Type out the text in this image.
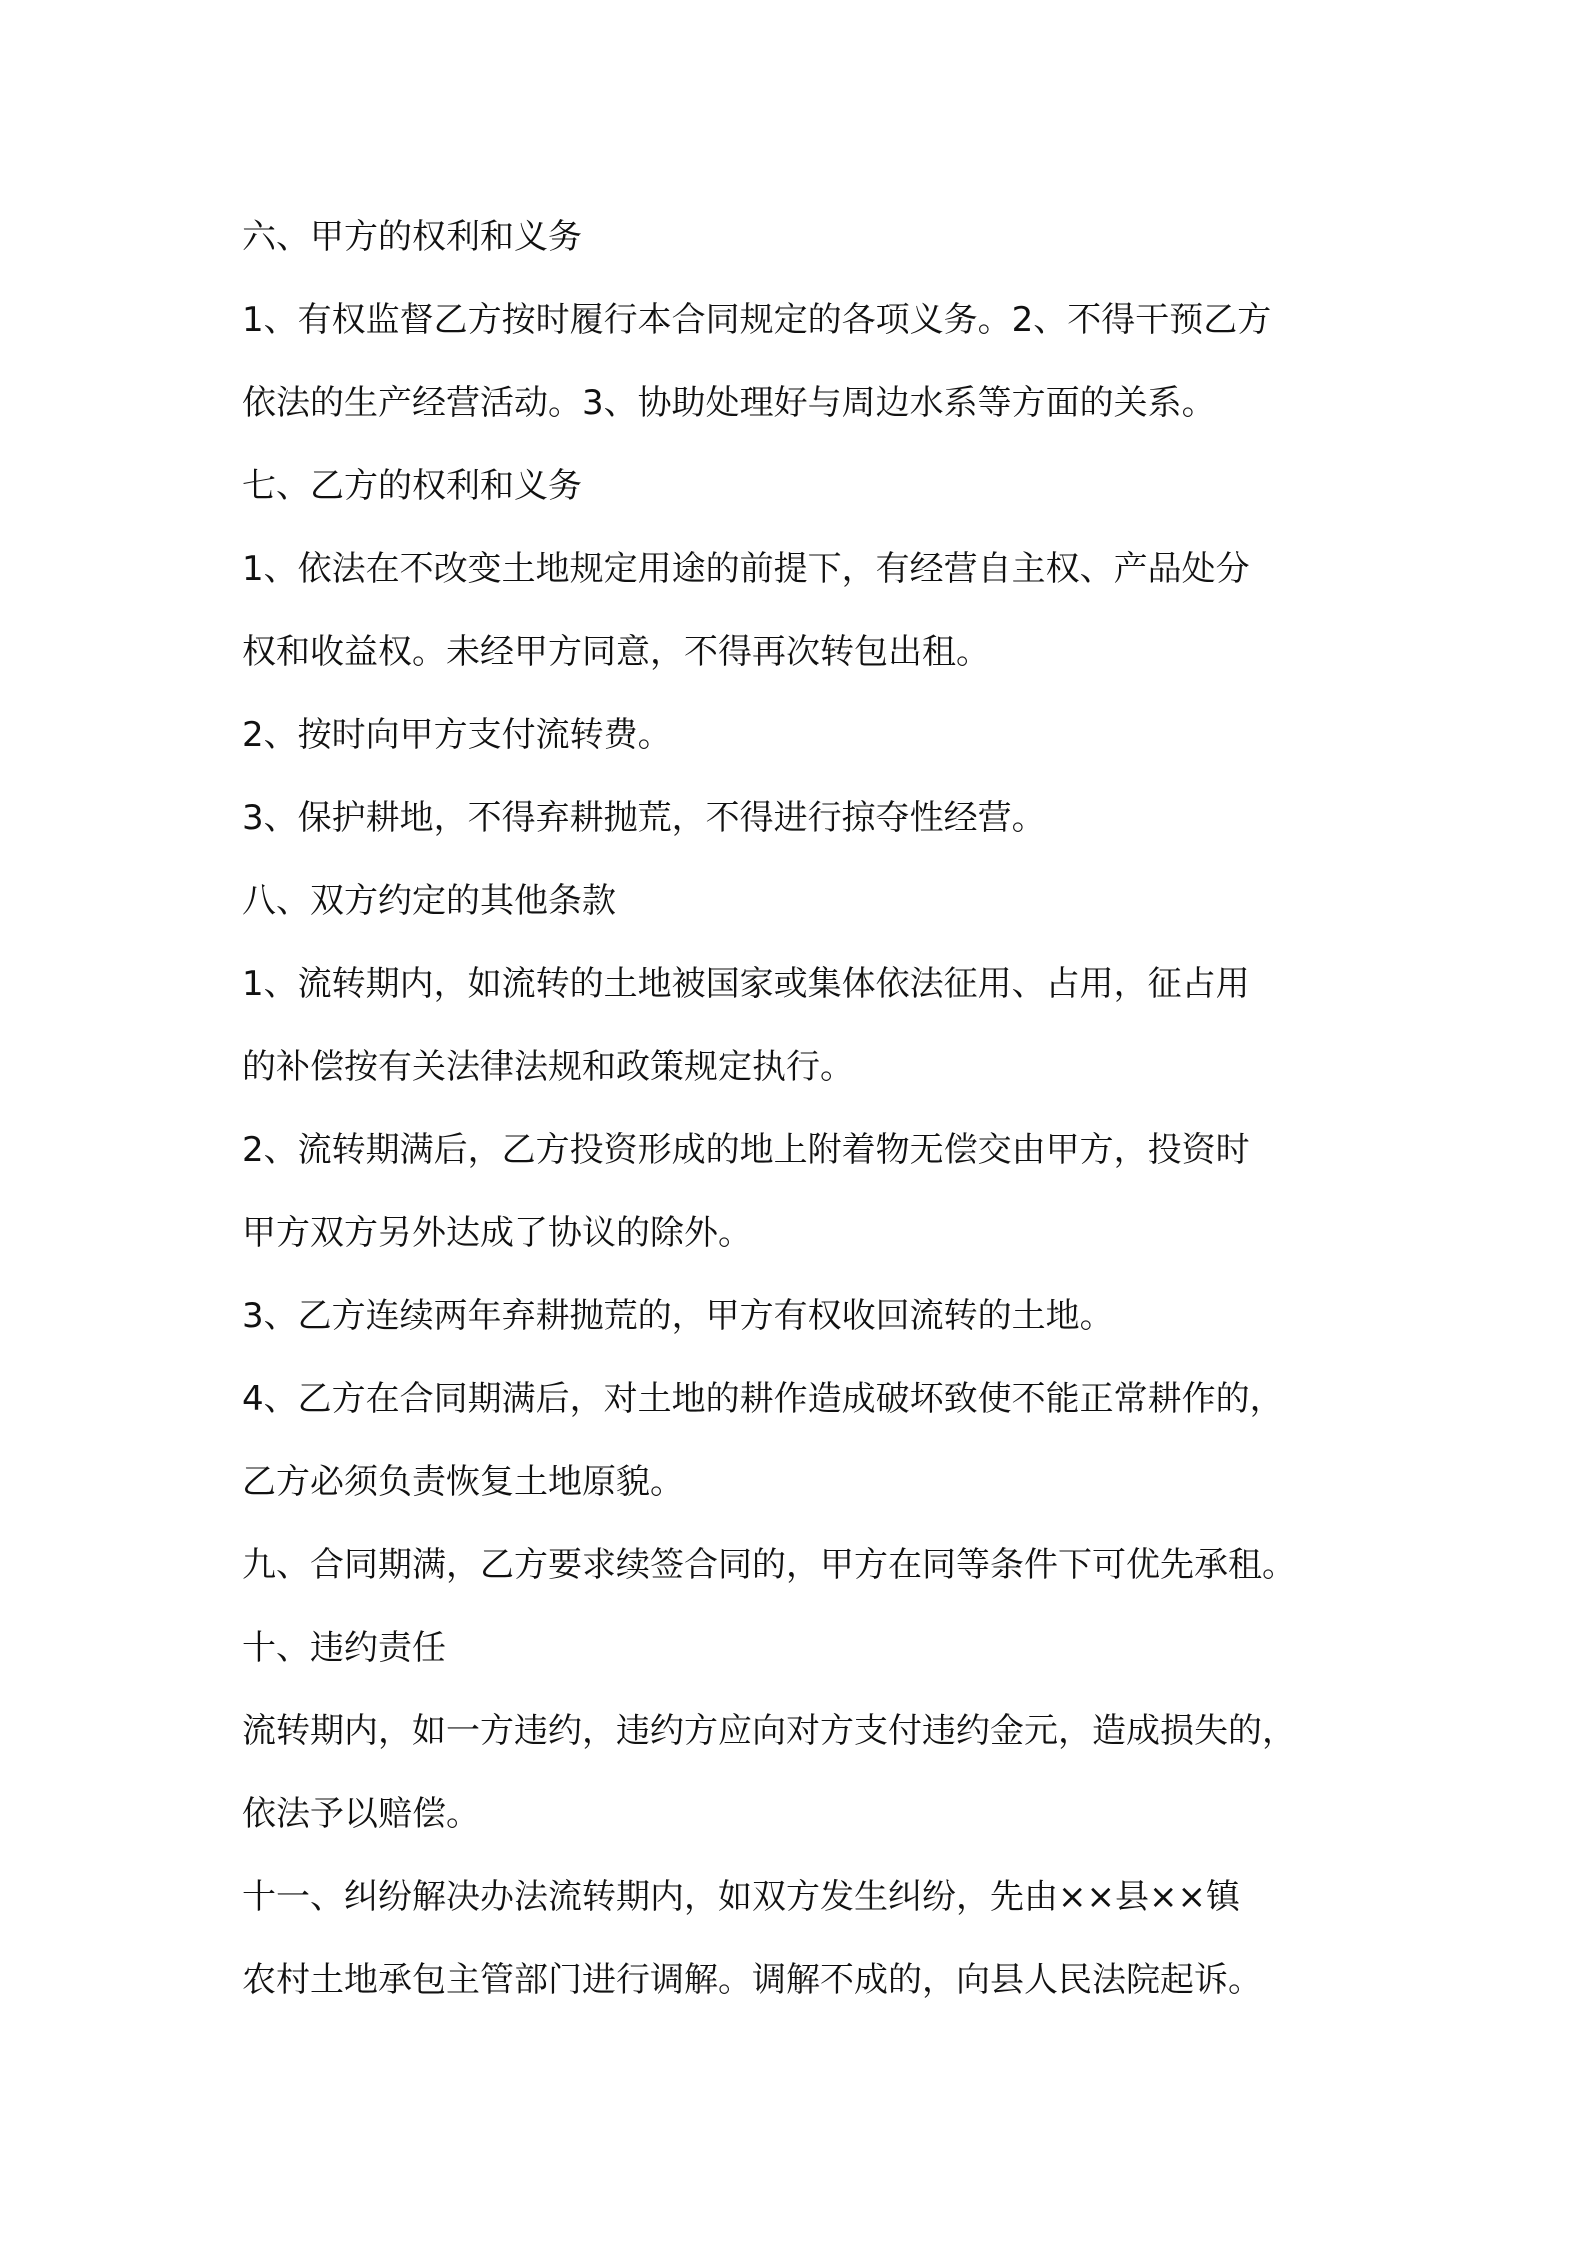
六、甲方的权利和义务

1、有权监督乙方按时履行本合同规定的各项义务。2、不得干预乙方

依法的生产经营活动。3、协助处理好与周边水系等方面的关系。

七、乙方的权利和义务

1、依法在不改变土地规定用途的前提下，有经营自主权、产品处分

权和收益权。未经甲方同意，不得再次转包出租。

2、按时向甲方支付流转费。

3、保护耕地，不得弃耕抛荒，不得进行掠夺性经营。

八、双方约定的其他条款

1、流转期内，如流转的土地被国家或集体依法征用、占用，征占用

的补偿按有关法律法规和政策规定执行。

2、流转期满后，乙方投资形成的地上附着物无偿交由甲方，投资时

甲方双方另外达成了协议的除外。

3、乙方连续两年弃耕抛荒的，甲方有权收回流转的土地。

4、乙方在合同期满后，对土地的耕作造成破坏致使不能正常耕作的，

乙方必须负责恢复土地原貌。

九、合同期满，乙方要求续签合同的，甲方在同等条件下可优先承租。

十、违约责任

流转期内，如一方违约，违约方应向对方支付违约金元，造成损失的，

依法予以赔偿。

十一、纠纷解决办法流转期内，如双方发生纠纷，先由××县××镇

农村土地承包主管部门进行调解。调解不成的，向县人民法院起诉。
